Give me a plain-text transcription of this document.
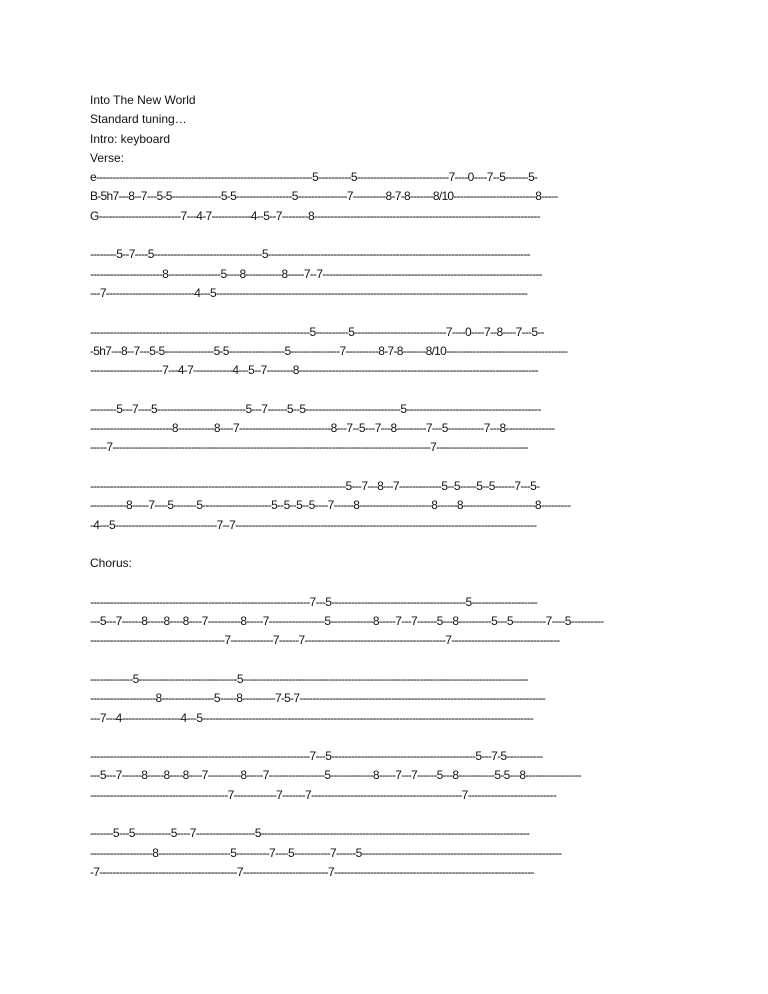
Into The New World
Standard tuning…
Intro: keyboard
Verse:
e------------------------------------------------------------------5----------5----------------------------7----0----7--5-------5-
B-5h7---8--7---5-5---------------5-5-----------------5---------------7----------8-7-8-------8/10-------------------------8-----
G-------------------------7---4-7------------4--5--7--------8---------------------------------------------------------------------
--------5--7----5---------------------------------5--------------------------------------------------------------------------------
----------------------8----------------5----8-----------8-----7--7-------------------------------------------------------------------
---7---------------------------4---5-----------------------------------------------------------------------------------------------
-------------------------------------------------------------------5----------5----------------------------7----0----7--8----7---5--
-5h7---8--7---5-5---------------5-5-----------------5---------------7----------8-7-8-------8/10-------------------------------------
----------------------7---4-7------------4---5--7--------8-------------------------------------------------------------------------
--------5---7----5---------------------------5---7------5--5-----------------------------5-----------------------------------------
-------------------------8-----------8----7----------------------------8---7--5---7---8---------7---5-----------7---8---------------
-----7-------------------------------------------------------------------------------------------------7----------------------------
------------------------------------------------------------------------------5---7---8---7-------------5--5-----5--5------7---5-
-----------8-----7----5-------5---------------------5--5--5--5----7------8----------------------8------8----------------------8---------
-4---5-------------------------------7--7--------------------------------------------------------------------------------------------
Chorus:
-------------------------------------------------------------------7---5-----------------------------------------5--------------------
---5---7------8-----8----8----7----------8-----7-----------------5-------------8-----7---7------5---8----------5---5----------7----5----------
-----------------------------------------7-------------7------7-------------------------------------------7---------------------------------
-------------5------------------------------5---------------------------------------------------------------------------------------
--------------------8----------------5-----8----------7-5-7---------------------------------------------------------------------------
---7---4------------------4---5-----------------------------------------------------------------------------------------------------
-------------------------------------------------------------------7---5--------------------------------------------5---7-5-----------
---5---7------8-----8----8----7----------8-----7-----------------5-------------8-----7---7------5---8-----------5-5---8-----------------
------------------------------------------7-------------7-------7----------------------------------------------7---------------------------
-------5---5-----------5----7------------------5----------------------------------------------------------------------------------
-------------------8----------------------5----------7----5-----------7------5-------------------------------------------------------------
-7------------------------------------------7--------------------------7-------------------------------------------------------------
